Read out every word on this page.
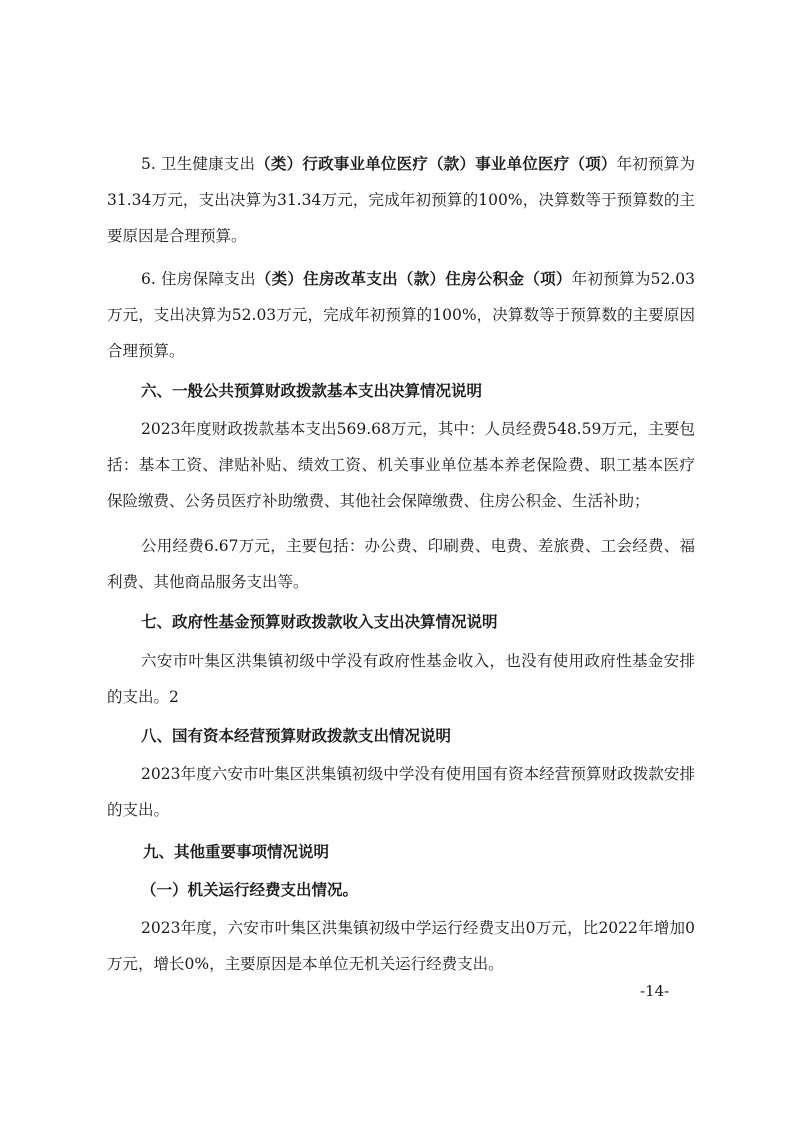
5. 卫生健康支出（类）行政事业单位医疗（款）事业单位医疗（项）年初预算为31.34万元，支出决算为31.34万元，完成年初预算的100%，决算数等于预算数的主要原因是合理预算。

6. 住房保障支出（类）住房改革支出（款）住房公积金（项）年初预算为52.03万元，支出决算为52.03万元，完成年初预算的100%，决算数等于预算数的主要原因合理预算。

六、一般公共预算财政拨款基本支出决算情况说明

2023年度财政拨款基本支出569.68万元，其中：人员经费548.59万元，主要包括：基本工资、津贴补贴、绩效工资、机关事业单位基本养老保险费、职工基本医疗保险缴费、公务员医疗补助缴费、其他社会保障缴费、住房公积金、生活补助；

公用经费6.67万元，主要包括：办公费、印刷费、电费、差旅费、工会经费、福利费、其他商品服务支出等。

七、政府性基金预算财政拨款收入支出决算情况说明

六安市叶集区洪集镇初级中学没有政府性基金收入，也没有使用政府性基金安排的支出。2

八、国有资本经营预算财政拨款支出情况说明

2023年度六安市叶集区洪集镇初级中学没有使用国有资本经营预算财政拨款安排的支出。

九、其他重要事项情况说明

（一）机关运行经费支出情况。

2023年度，六安市叶集区洪集镇初级中学运行经费支出0万元，比2022年增加0万元，增长0%，主要原因是本单位无机关运行经费支出。

-14-
